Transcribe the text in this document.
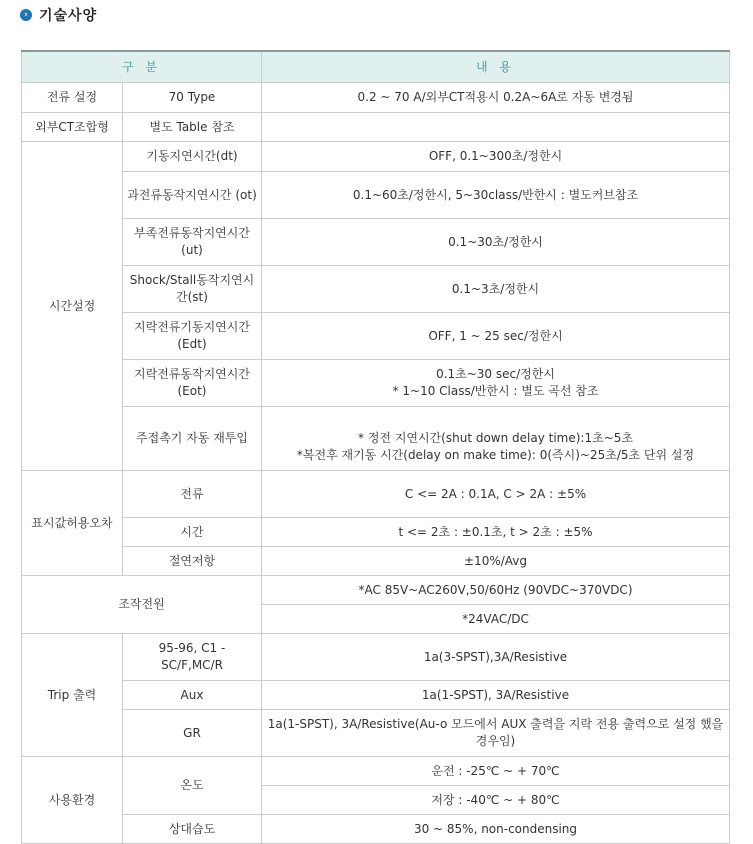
› 기술사양
구 분		내 용
전류 설정	70 Type	0.2 ~ 70 A/외부CT적용시 0.2A~6A로 자동 변경됨
외부CT조합형	별도 Table 참조	
시간설정	기동지연시간(dt)	OFF, 0.1~300초/정한시
	과전류동작지연시간 (ot)	0.1~60초/정한시, 5~30class/반한시 : 별도커브참조
	부족전류동작지연시간 (ut)	0.1~30초/정한시
	Shock/Stall동작지연시간(st)	0.1~3초/정한시
	지락전류기동지연시간 (Edt)	OFF, 1 ~ 25 sec/정한시
	지락전류동작지연시간 (Eot)	0.1초~30 sec/정한시
* 1~10 Class/반한시 : 별도 곡선 참조

	주접촉기 자동 재투입	* 정전 지연시간(shut down delay time):1초~5초
*복전후 재기동 시간(delay on make time): 0(즉시)~25초/5초 단위 설정

표시값허용오차	전류	C <= 2A : 0.1A, C > 2A : ±5%
	시간	t <= 2초 : ±0.1초, t > 2초 : ±5%
	절연저항	±10%/Avg
조작전원		*AC 85V~AC260V,50/60Hz (90VDC~370VDC)
		*24VAC/DC
Trip 출력	95-96, C1 - SC/F,MC/R	1a(3-SPST),3A/Resistive
	Aux	1a(1-SPST), 3A/Resistive
	GR	1a(1-SPST), 3A/Resistive(Au-o 모드에서 AUX 출력을 지락 전용 출력으로 설정 했을 경우임)
사용환경	온도	운전 : -25℃ ~ + 70℃
		저장 : -40℃ ~ + 80℃
	상대습도	30 ~ 85%, non-condensing
